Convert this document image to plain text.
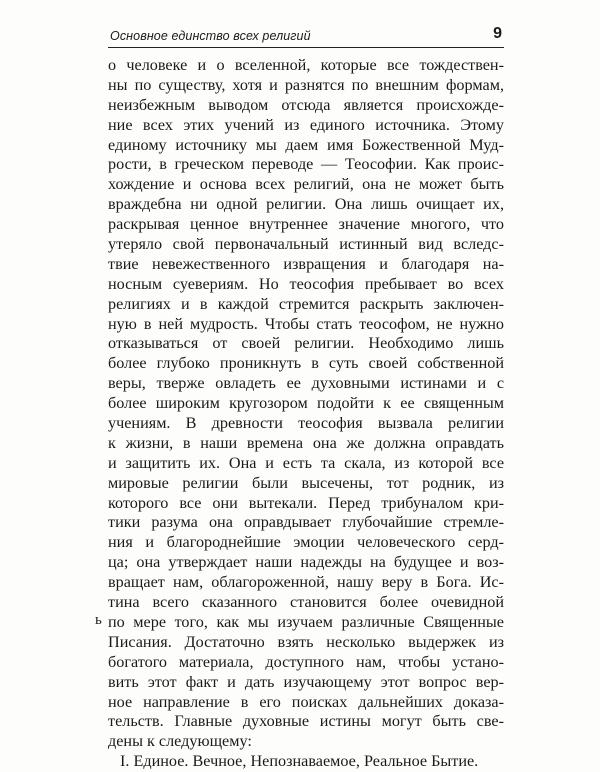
Основное единство всех религий	9
о человеке и о вселенной, которые все тождествен-
ны по существу, хотя и разнятся по внешним формам,
неизбежным выводом отсюда является происхожде-
ние всех этих учений из единого источника. Этому
единому источнику мы даем имя Божественной Муд-
рости, в греческом переводе — Теософии. Как проис-
хождение и основа всех религий, она не может быть
враждебна ни одной религии. Она лишь очищает их,
раскрывая ценное внутреннее значение многого, что
утеряло свой первоначальный истинный вид вследс-
твие невежественного извращения и благодаря на-
носным суевериям. Но теософия пребывает во всех
религиях и в каждой стремится раскрыть заключен-
ную в ней мудрость. Чтобы стать теософом, не нужно
отказываться от своей религии. Необходимо лишь
более глубоко проникнуть в суть своей собственной
веры, тверже овладеть ее духовными истинами и с
более широким кругозором подойти к ее священным
учениям. В древности теософия вызвала религии
к жизни, в наши времена она же должна оправдать
и защитить их. Она и есть та скала, из которой все
мировые религии были высечены, тот родник, из
которого все они вытекали. Перед трибуналом кри-
тики разума она оправдывает глубочайшие стремле-
ния и благороднейшие эмоции человеческого серд-
ца; она утверждает наши надежды на будущее и воз-
вращает нам, облагороженной, нашу веру в Бога. Ис-
тина всего сказанного становится более очевидной
по мере того, как мы изучаем различные Священные
Писания. Достаточно взять несколько выдержек из
богатого материала, доступного нам, чтобы устано-
вить этот факт и дать изучающему этот вопрос вер-
ное направление в его поисках дальнейших доказа-
тельств. Главные духовные истины могут быть све-
дены к следующему:
I. Единое. Вечное, Непознаваемое, Реальное Бытие.
ь
